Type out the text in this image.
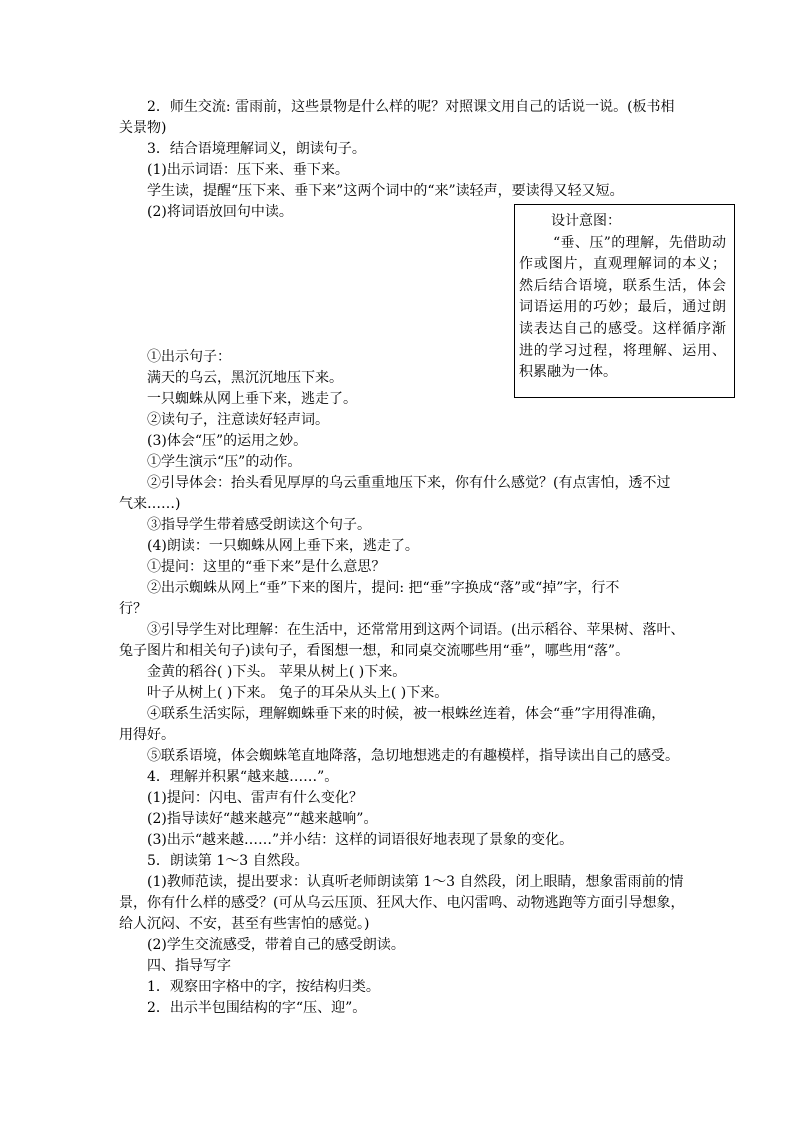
2．师生交流: 雷雨前，这些景物是什么样的呢？对照课文用自己的话说一说。(板书相
关景物)
3．结合语境理解词义，朗读句子。
(1)出示词语：压下来、垂下来。
学生读，提醒“压下来、垂下来”这两个词中的“来”读轻声，要读得又轻又短。
(2)将词语放回句中读。
设计意图：
“垂、压”的理解，先借助动作或图片，直观理解词的本义；然后结合语境，联系生活，体会词语运用的巧妙；最后，通过朗读表达自己的感受。这样循序渐进的学习过程，将理解、运用、积累融为一体。
①出示句子：
满天的乌云，黑沉沉地压下来。
一只蜘蛛从网上垂下来，逃走了。
②读句子，注意读好轻声词。
(3)体会“压”的运用之妙。
①学生演示“压”的动作。
②引导体会：抬头看见厚厚的乌云重重地压下来，你有什么感觉？(有点害怕，透不过
气来……)
③指导学生带着感受朗读这个句子。
(4)朗读：一只蜘蛛从网上垂下来，逃走了。
①提问：这里的“垂下来”是什么意思？
②出示蜘蛛从网上“垂”下来的图片，提问: 把“垂”字换成“落”或“掉”字，行不
行？
③引导学生对比理解：在生活中，还常常用到这两个词语。(出示稻谷、苹果树、落叶、
兔子图片和相关句子)读句子，看图想一想，和同桌交流哪些用“垂”，哪些用“落”。
金黄的稻谷( )下头。 苹果从树上( )下来。
叶子从树上( )下来。 兔子的耳朵从头上( )下来。
④联系生活实际，理解蜘蛛垂下来的时候，被一根蛛丝连着，体会“垂”字用得准确，
用得好。
⑤联系语境，体会蜘蛛笔直地降落，急切地想逃走的有趣模样，指导读出自己的感受。
4．理解并积累“越来越……”。
(1)提问：闪电、雷声有什么变化？
(2)指导读好“越来越亮”“越来越响”。
(3)出示“越来越……”并小结：这样的词语很好地表现了景象的变化。
5．朗读第 1～3 自然段。
(1)教师范读，提出要求：认真听老师朗读第 1～3 自然段，闭上眼睛，想象雷雨前的情
景，你有什么样的感受？(可从乌云压顶、狂风大作、电闪雷鸣、动物逃跑等方面引导想象，
给人沉闷、不安，甚至有些害怕的感觉。)
(2)学生交流感受，带着自己的感受朗读。
四、指导写字
1．观察田字格中的字，按结构归类。
2．出示半包围结构的字“压、迎”。
